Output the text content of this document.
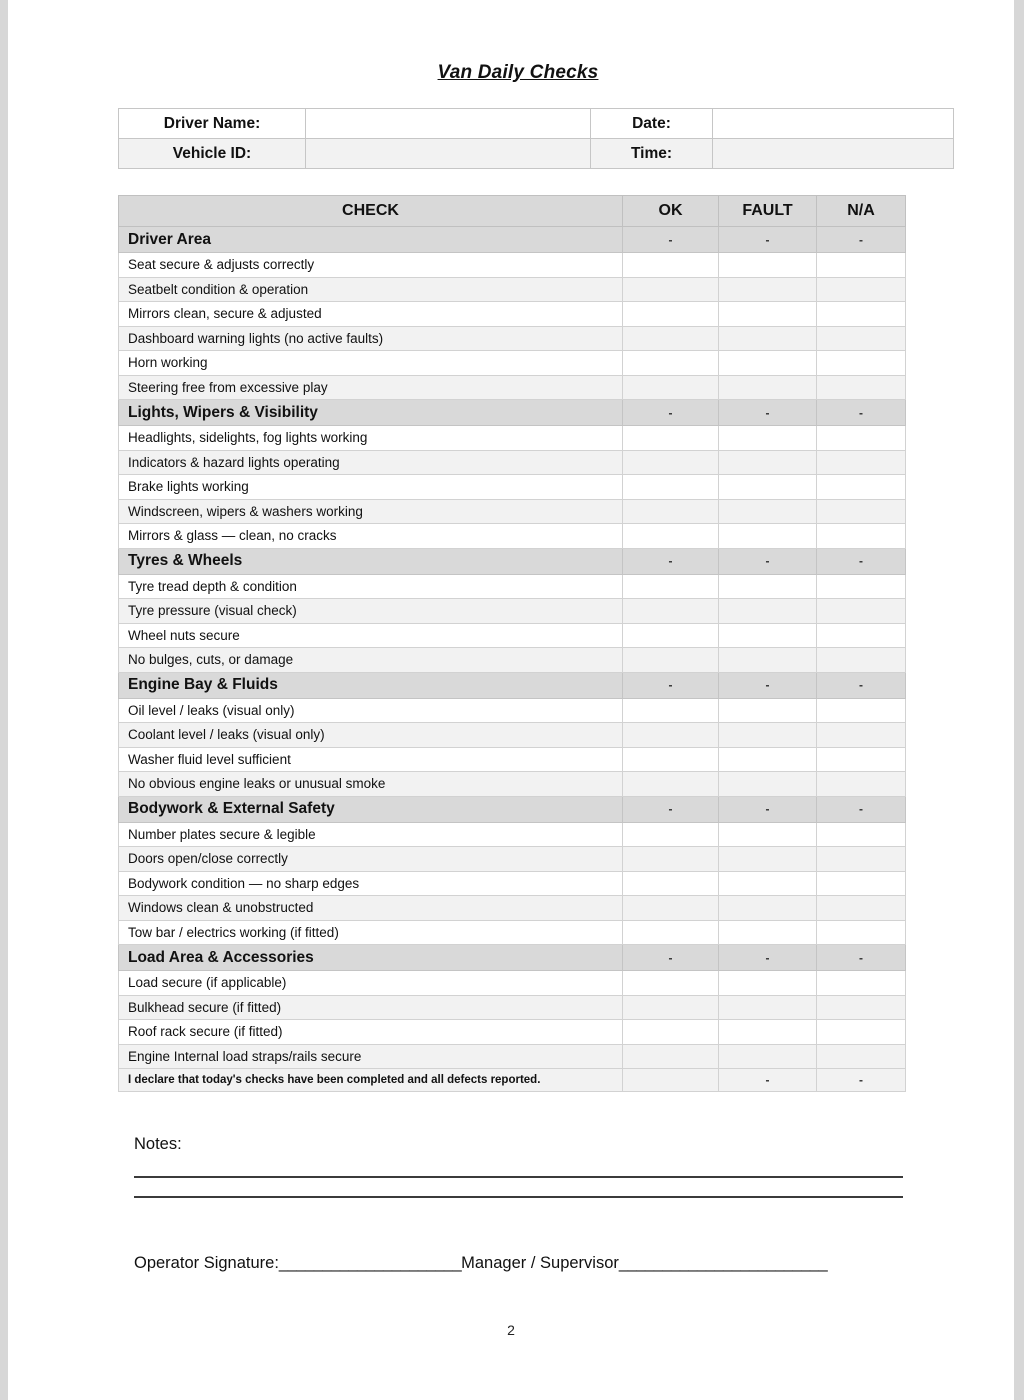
Van Daily Checks
Driver Name:		Date:	
Vehicle ID:		Time:	
CHECK	OK	FAULT	N/A
Driver Area	-	-	-
Seat secure & adjusts correctly			
Seatbelt condition & operation			
Mirrors clean, secure & adjusted			
Dashboard warning lights (no active faults)			
Horn working			
Steering free from excessive play			
Lights, Wipers & Visibility	-	-	-
Headlights, sidelights, fog lights working			
Indicators & hazard lights operating			
Brake lights working			
Windscreen, wipers & washers working			
Mirrors & glass — clean, no cracks			
Tyres & Wheels	-	-	-
Tyre tread depth & condition			
Tyre pressure (visual check)			
Wheel nuts secure			
No bulges, cuts, or damage			
Engine Bay & Fluids	-	-	-
Oil level / leaks (visual only)			
Coolant level / leaks (visual only)			
Washer fluid level sufficient			
No obvious engine leaks or unusual smoke			
Bodywork & External Safety	-	-	-
Number plates secure & legible			
Doors open/close correctly			
Bodywork condition — no sharp edges			
Windows clean & unobstructed			
Tow bar / electrics working (if fitted)			
Load Area & Accessories	-	-	-
Load secure (if applicable)			
Bulkhead secure (if fitted)			
Roof rack secure (if fitted)			
Engine Internal load straps/rails secure			
I declare that today's checks have been completed and all defects reported.		-	-
Notes:
Operator Signature:_____________________Manager / Supervisor________________________
2
